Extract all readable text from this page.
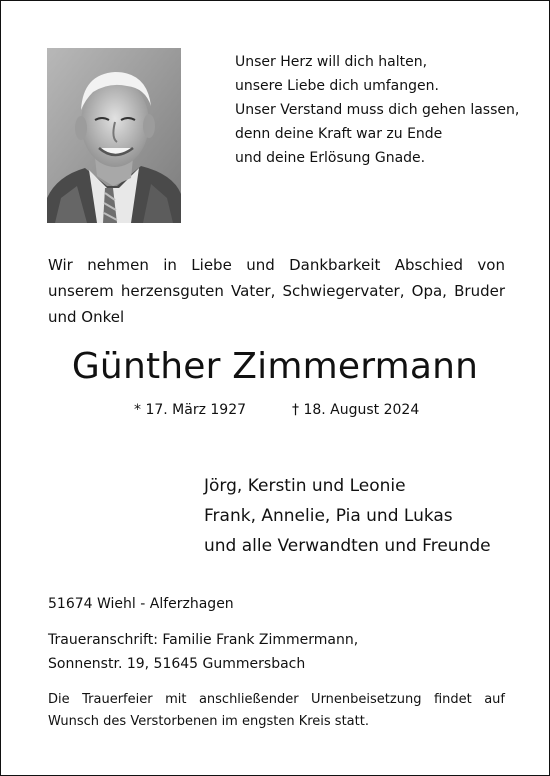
Unser Herz will dich halten,
unsere Liebe dich umfangen.
Unser Verstand muss dich gehen lassen,
denn deine Kraft war zu Ende
und deine Erlösung Gnade.
Wir nehmen in Liebe und Dankbarkeit Abschied von unserem herzensguten Vater, Schwiegervater, Opa, Bruder und Onkel
Günther Zimmermann
* 17. März 1927	† 18. August 2024
Jörg, Kerstin und Leonie
Frank, Annelie, Pia und Lukas
und alle Verwandten und Freunde
51674 Wiehl - Alferzhagen
Traueranschrift: Familie Frank Zimmermann,
Sonnenstr. 19, 51645 Gummersbach
Die Trauerfeier mit anschließender Urnenbeisetzung findet auf Wunsch des Verstorbenen im engsten Kreis statt.
